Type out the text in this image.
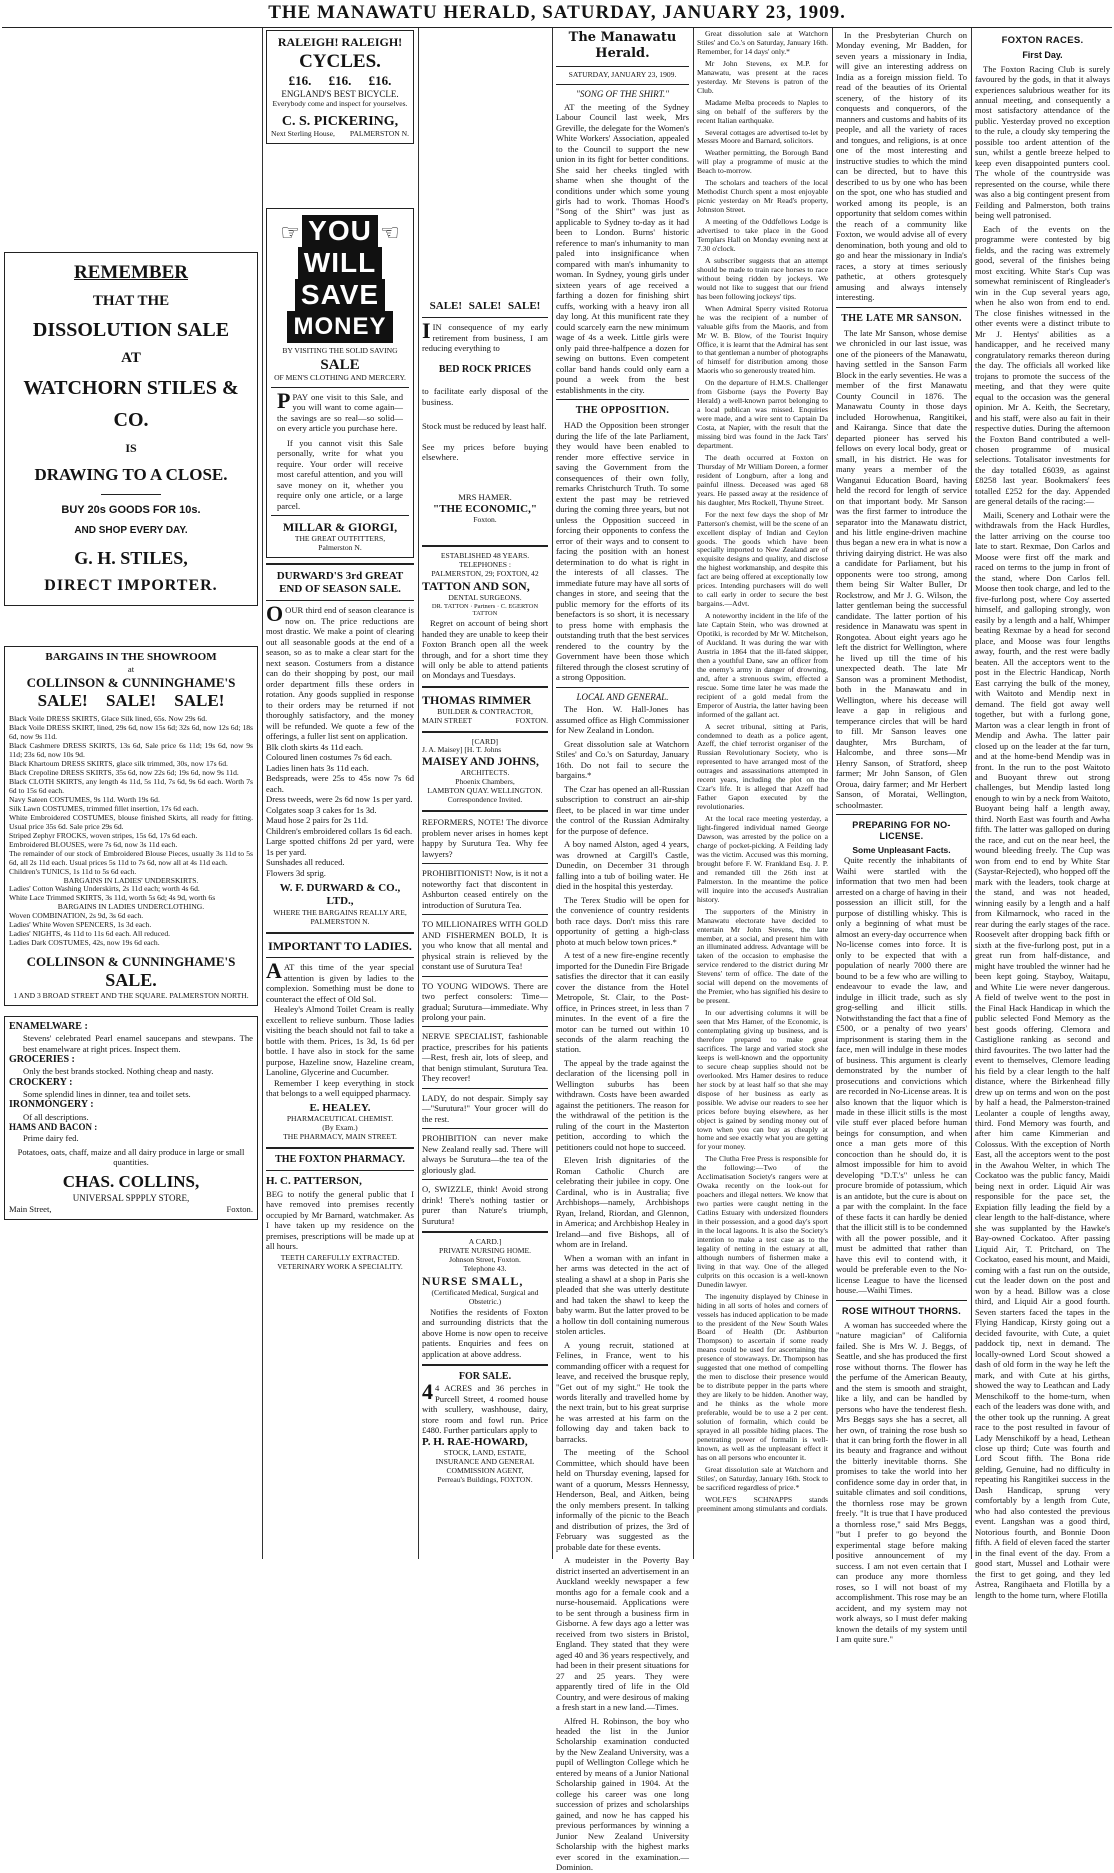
THE MANAWATU HERALD, SATURDAY, JANUARY 23, 1909.
REMEMBER
THAT THE
DISSOLUTION SALE
AT
WATCHORN STILES &
CO.
IS
DRAWING TO A CLOSE.
BUY 20s GOODS FOR 10s.
AND SHOP EVERY DAY.
G. H. STILES,
DIRECT IMPORTER.
BARGAINS IN THE SHOWROOM
at
COLLINSON & CUNNINGHAME'S
SALE! SALE! SALE!
Black Voile DRESS SKIRTS, Glace Silk lined, 65s. Now 29s 6d.
Black Voile DRESS SKIRT, lined, 29s 6d, now 15s 6d; 32s 6d, now 12s 6d; 18s 6d, now 9s 11d.
Black Cashmere DRESS SKIRTS, 13s 6d, Sale price 6s 11d; 19s 6d, now 9s 11d; 23s 6d, now 10s 9d.
Black Khartoum DRESS SKIRTS, glace silk trimmed, 30s, now 17s 6d.
Black Crepoline DRESS SKIRTS, 35s 6d, now 22s 6d; 19s 6d, now 9s 11d.
Black CLOTH SKIRTS, any length 4s 11d, 5s 11d, 7s 6d, 9s 6d each. Worth 7s 6d to 15s 6d each.
Navy Sateen COSTUMES, 9s 11d. Worth 19s 6d.
Silk Lawn COSTUMES, trimmed fillet insertion, 17s 6d each.
White Embroidered COSTUMES, blouse finished Skirts, all ready for fitting. Usual price 35s 6d. Sale price 29s 6d.
Striped Zephyr FROCKS, woven stripes, 15s 6d, 17s 6d each.
Embroidered BLOUSES, were 7s 6d, now 3s 11d each.
The remainder of our stock of Embroidered Blouse Pieces, usually 3s 11d to 5s 6d, all 2s 11d each. Usual prices 5s 11d to 7s 6d, now all at 4s 11d each.
Children's TUNICS, 1s 11d to 5s 6d each.
BARGAINS IN LADIES' UNDERSKIRTS.
Ladies' Cotton Washing Underskirts, 2s 11d each; worth 4s 6d.
White Lace Trimmed SKIRTS, 3s 11d, worth 5s 6d; 4s 9d, worth 6s
BARGAINS IN LADIES UNDERCLOTHING.
Woven COMBINATION, 2s 9d, 3s 6d each.
Ladies' White Woven SPENCERS, 1s 3d each.
Ladies' NIGHTS, 4s 11d to 11s 6d each. All reduced.
Ladies Dark COSTUMES, 42s, now 19s 6d each.
COLLINSON & CUNNINGHAME'S
SALE.
1 AND 3 BROAD STREET AND THE SQUARE. PALMERSTON NORTH.
ENAMELWARE :
Stevens' celebrated Pearl enamel saucepans and stewpans. The best enamelware at right prices. Inspect them.
GROCERIES :
Only the best brands stocked. Nothing cheap and nasty.
CROCKERY :
Some splendid lines in dinner, tea and toilet sets.
IRONMONGERY :
Of all descriptions.
HAMS AND BACON :
Prime dairy fed.
Potatoes, oats, chaff, maize and all dairy produce in large or small quantities.
CHAS. COLLINS,
UNIVERSAL SPPPLY STORE,
Main Street,	Foxton.
RALEIGH! RALEIGH!
CYCLES.
£16. £16. £16.
ENGLAND'S BEST BICYCLE.
Everybody come and inspect for yourselves.
C. S. PICKERING,
Next Sterling House, PALMERSTON N.
☞ YOU ☜
WILL
SAVE
MONEY
BY VISITING THE SOLID SAVING
SALE
OF MEN'S CLOTHING AND MERCERY.
PPAY one visit to this Sale, and you will want to come again—the savings are so real—so solid—on every article you purchase here.
If you cannot visit this Sale personally, write for what you require. Your order will receive most careful attention, and you will save money on it, whether you require only one article, or a large parcel.
MILLAR & GIORGI,
THE GREAT OUTFITTERS,
Palmerston N.
DURWARD'S 3rd GREAT END OF SEASON SALE.
OOUR third end of season clearance is now on. The price reductions are most drastic. We make a point of clearing out all seasonable goods at the end of a season, so as to make a clear start for the next season. Costumers from a distance can do their shopping by post, our mail order department fills these orders in rotation. Any goods supplied in response to their orders may be returned if not thoroughly satisfactory, and the money will be refunded. We quote a few of the offerings, a fuller list sent on application.
Blk cloth skirts 4s 11d each.
Coloured linen costumes 7s 6d each.
Ladies linen hats 3s 11d each.
Bedspreads, were 25s to 45s now 7s 6d each.
Dress tweeds, were 2s 6d now 1s per yard.
Colgates soap 3 cakes for 1s 3d.
Maud hose 2 pairs for 2s 11d.
Children's embroidered collars 1s 6d each.
Large spotted chiffons 2d per yard, were 1s per yard.
Sunshades all reduced.
Flowers 3d sprig.
W. F. DURWARD & CO., LTD.,
WHERE THE BARGAINS REALLY ARE,
PALMERSTON N.
IMPORTANT TO LADIES.
AAT this time of the year special attention is given by ladies to the complexion. Something must be done to counteract the effect of Old Sol.
Healey's Almond Toilet Cream is really excellent to relieve sunburn. Those ladies visiting the beach should not fail to take a bottle with them. Prices, 1s 3d, 1s 6d per bottle. I have also in stock for the same purpose, Hazeline snow, Hazeline cream, Lanoline, Glycerine and Cucumber.
Remember I keep everything in stock that belongs to a well equipped pharmacy.
E. HEALEY.
PHARMACEUTICAL CHEMIST.
(By Exam.)
THE PHARMACY, MAIN STREET.
THE FOXTON PHARMACY.
H. C. PATTERSON,
BEG to notify the general public that I have removed into premises recently occupied by Mr Barnard, watchmaker. As I have taken up my residence on the premises, prescriptions will be made up at all hours.
TEETH CAREFULLY EXTRACTED.
VETERINARY WORK A SPECIALITY.
SALE! SALE! SALE!
IIN consequence of my early retirement from business, I am reducing everything to
BED ROCK PRICES
to facilitate early disposal of the business.
Stock must be reduced by least half.
See my prices before buying elsewhere.
MRS HAMER.
"THE ECONOMIC,"
Foxton.
ESTABLISHED 48 YEARS.
TELEPHONES :
PALMERSTON, 29; FOXTON, 42
TATTON AND SON,
DENTAL SURGEONS.
DR. TATTON · Partners · C. EGERTON TATTON
Regret on account of being short handed they are unable to keep their Foxton Branch open all the week through, and for a short time they will only be able to attend patients on Mondays and Tuesdays.
THOMAS RIMMER
BUILDER & CONTRACTOR,
MAIN STREET	FOXTON.
[CARD]
J. A. Maisey] [H. T. Johns
MAISEY AND JOHNS,
ARCHITECTS.
Phoenix Chambers,
LAMBTON QUAY. WELLINGTON.
Correspondence Invited.
REFORMERS, NOTE! The divorce problem never arises in homes kept happy by Surutura Tea. Why fee lawyers?
PROHIBITIONIST! Now, is it not a noteworthy fact that discontent in Ashburton ceased entirely on the introduction of Surutura Tea.
TO MILLIONAIRES WITH GOLD AND FISHERMEN BOLD, It is you who know that all mental and physical strain is relieved by the constant use of Surutura Tea!
TO YOUNG WIDOWS. There are two perfect consolers: Time—gradual; Surutura—immediate. Why prolong your pain.
NERVE SPECIALIST, fashionable practice, prescribes for his patients—Rest, fresh air, lots of sleep, and that benign stimulant, Surutura Tea. They recover!
LADY, do not despair. Simply say—"Surutura!" Your grocer will do the rest.
PROHIBITION can never make New Zealand really sad. There will always be Surutura—the tea of the gloriously glad.
O, SWIZZLE, think! Avoid strong drink! There's nothing tastier or purer than Nature's triumph, Surutura!
A CARD.]
PRIVATE NURSING HOME.
Johnson Street, Foxton.
Telephone 43.
NURSE SMALL,
(Certificated Medical, Surgical and Obstetric.)
Notifies the residents of Foxton and surrounding districts that the above Home is now open to receive patients. Enquiries and fees on application at above address.
FOR SALE.
4 4 ACRES and 36 perches in Purcell Street, 4 roomed house with scullery, washhouse, dairy, store room and fowl run. Price £480. Further particulars apply to
P. H. RAE-HOWARD,
STOCK, LAND, ESTATE, INSURANCE AND GENERAL COMMISSION AGENT,
Perreau's Buildings, FOXTON.
The Manawatu Herald.
SATURDAY, JANUARY 23, 1909.
"SONG OF THE SHIRT."

AT the meeting of the Sydney Labour Council last week, Mrs Greville, the delegate for the Women's White Workers' Association, appealed to the Council to support the new union in its fight for better conditions. She said her cheeks tingled with shame when she thought of the conditions under which some young girls had to work. Thomas Hood's "Song of the Shirt" was just as applicable to Sydney to-day as it had been to London. Burns' historic reference to man's inhumanity to man paled into insignificance when compared with man's inhumanity to woman. In Sydney, young girls under sixteen years of age received a farthing a dozen for finishing shirt cuffs, working with a heavy iron all day long. At this munificent rate they could scarcely earn the new minimum wage of 4s a week. Little girls were only paid three-halfpence a dozen for sewing on buttons. Even competent collar band hands could only earn a pound a week from the best establishments in the city.

THE OPPOSITION.

HAD the Opposition been stronger during the life of the late Parliament, they would have been enabled to render more effective service in saving the Government from the consequences of their own folly, remarks Christchurch Truth. To some extent the past may be retrieved during the coming three years, but not unless the Opposition succeed in forcing their opponents to confess the error of their ways and to consent to facing the position with an honest determination to do what is right in the interests of all classes. The immediate future may have all sorts of changes in store, and seeing that the public memory for the efforts of its benefactors is so short, it is necessary to press home with emphasis the outstanding truth that the best services rendered to the country by the Government have been those which filtered through the closest scrutiny of a strong Opposition.

LOCAL AND GENERAL.

The Hon. W. Hall-Jones has assumed office as High Commissioner for New Zealand in London.

Great dissolution sale at Watchorn Stiles' and Co.'s on Saturday, January 16th. Do not fail to secure the bargains.*

The Czar has opened an all-Russian subscription to construct an air-ship fleet, to be placed in war time under the control of the Russian Admiralty for the purpose of defence.

A boy named Alston, aged 4 years, was drowned at Cargill's Castle, Dunedin, on December 31 through falling into a tub of boiling water. He died in the hospital this yesterday.

The Terex Studio will be open for the convenience of country residents both race days. Don't miss this rare opportunity of getting a high-class photo at much below town prices.*

A test of a new fire-engine recently imported for the Dunedin Fire Brigade satisfies the director that it can easily cover the distance from the Hotel Metropole, St. Clair, to the Post-office, in Princes street, in less than 7 minutes. In the event of a fire the motor can be turned out within 10 seconds of the alarm reaching the station.

The appeal by the trade against the declaration of the licensing poll in Wellington suburbs has been withdrawn. Costs have been awarded against the petitioners. The reason for the withdrawal of the petition is the ruling of the court in the Masterton petition, according to which the petitioners could not hope to succeed.

Eleven Irish dignitaries of the Roman Catholic Church are celebrating their jubilee in copy. One Cardinal, who is in Australia; five Archbishops—namely, Archbishops Ryan, Ireland, Riordan, and Glennon, in America; and Archbishop Healey in Ireland—and five Bishops, all of whom are in Ireland.

When a woman with an infant in her arms was detected in the act of stealing a shawl at a shop in Paris she pleaded that she was utterly destitute and had taken the shawl to keep the baby warm. But the latter proved to be a hollow tin doll containing numerous stolen articles.

A young recruit, stationed at Felines, in France, went to his commanding officer with a request for leave, and received the brusque reply, "Get out of my sight." He took the words literally and travelled home by the next train, but to his great surprise he was arrested at his farm on the following day and taken back to barracks.

The meeting of the School Committee, which should have been held on Thursday evening, lapsed for want of a quorum, Messrs Hennessy, Henderson, Beal, and Aitken, being the only members present. In talking informally of the picnic to the Beach and distribution of prizes, the 3rd of February was suggested as the probable date for these events.

A mudeister in the Poverty Bay district inserted an advertisement in an Auckland weekly newspaper a few months ago for a female cook and a nurse-housemaid. Applications were to be sent through a business firm in Gisborne. A few days ago a letter was received from two sisters in Bristol, England. They stated that they were aged 40 and 36 years respectively, and had been in their present situations for 27 and 25 years. They were apparently tired of life in the Old Country, and were desirous of making a fresh start in a new land.—Times.

Alfred H. Robinson, the boy who headed the list in the Junior Scholarship examination conducted by the New Zealand University, was a pupil of Wellington College which he entered by means of a Junior National Scholarship gained in 1904. At the college his career was one long succession of prizes and scholarships gained, and now he has capped his previous performances by winning a Junior New Zealand University Scholarship with the highest marks ever scored in the examination.—Dominion.

Great dissolution sale at Watchorn Stiles' and Co.'s on Saturday, January 16th. Remember, for 14 days' only.*

Mr John Stevens, ex M.P. for Manawatu, was present at the races yesterday. Mr Stevens is patron of the Club.

Madame Melba proceeds to Naples to sing on behalf of the sufferers by the recent Italian earthquake.

Several cottages are advertised to-let by Messrs Moore and Barnard, solicitors.

Weather permitting, the Borough Band will play a programme of music at the Beach to-morrow.

The scholars and teachers of the local Methodist Church spent a most enjoyable picnic yesterday on Mr Read's property, Johnston Street.

A meeting of the Oddfellows Lodge is advertised to take place in the Good Templars Hall on Monday evening next at 7.30 o'clock.

A subscriber suggests that an attempt should be made to train race horses to race without being ridden by jockeys. We would not like to suggest that our friend has been following jockeys' tips.

When Admiral Sperry visited Rotorua he was the recipient of a number of valuable gifts from the Maoris, and from Mr W. B. Blow, of the Tourist Inquiry Office, it is learnt that the Admiral has sent to that gentleman a number of photographs of himself for distribution among those Maoris who so generously treated him.

On the departure of H.M.S. Challenger from Gisborne (says the Poverty Bay Herald) a well-known parrot belonging to a local publican was missed. Enquiries were made, and a wire sent to Captain Da Costa, at Napier, with the result that the missing bird was found in the Jack Tars' department.

The death occurred at Foxton on Thursday of Mr William Doreen, a former resident of Longburn, after a long and painful illness. Deceased was aged 68 years. He passed away at the residence of his daughter, Mrs Rockell, Thyune Street.

For the next few days the shop of Mr Patterson's chemist, will be the scene of an excellent display of Indian and Ceylon goods. The goods which have been specially imported to New Zealand are of exquisite designs and quality, and disclose the highest workmanship, and despite this fact are being offered at exceptionally low prices. Intending purchasers will do well to call early in order to secure the best bargains.—Advt.

A noteworthy incident in the life of the late Captain Stein, who was drowned at Opotiki, is recorded by Mr W. Mitchelson, of Auckland. It was during the war with Austria in 1864 that the ill-fated skipper, then a youthful Dane, saw an officer from the enemy's army in danger of drowning, and, after a strenuous swim, effected a rescue. Some time later he was made the recipient of a gold medal from the Emperor of Austria, the latter having been informed of the gallant act.

A secret tribunal, sitting at Paris, condemned to death as a police agent, Azeff, the chief terrorist organiser of the Russian Revolutionary Society, who is represented to have arranged most of the outrages and assassinations attempted in recent years, including the plot on the Czar's life. It is alleged that Azeff had Father Gapon executed by the revolutionaries.

At the local race meeting yesterday, a light-fingered individual named George Dawson, was arrested by the police on a charge of pocket-picking. A Feilding lady was the victim. Accused was this morning, brought before F. W. Frankland Esq. J. P. and remanded till the 26th inst at Palmerston. In the meantime the police will inquire into the accused's Australian history.

The supporters of the Ministry in Manawatu electorate have decided to entertain Mr John Stevens, the late member, at a social, and present him with an illuminated address. Advantage will be taken of the occasion to emphasise the service rendered to the district during Mr Stevens' term of office. The date of the social will depend on the movements of the Premier, who has signified his desire to be present.

In our advertising columns it will be seen that Mrs Hamer, of the Economic, is contemplating giving up business, and is therefore prepared to make great sacrifices. The large and varied stock she keeps is well-known and the opportunity to secure cheap supplies should not be overlooked. Mrs Hamer desires to reduce her stock by at least half so that she may dispose of her business as early as possible. We advise our readers to see her prices before buying elsewhere, as her object is gained by sending money out of town when you can buy as cheaply at home and see exactly what you are getting for your money.

The Clutha Free Press is responsible for the following:—Two of the Acclimatisation Society's rangers were at Owaka recently on the look-out for poachers and illegal netters. We know that two parties were caught netting in the Catlins Estuary with undersized flounders in their possession, and a good day's sport in the local lagoons. It is also the Society's intention to make a test case as to the legality of netting in the estuary at all, although numbers of fishermen make a living in that way. One of the alleged culprits on this occasion is a well-known Dunedin lawyer.

The ingenuity displayed by Chinese in hiding in all sorts of holes and corners of vessels has induced application to be made to the president of the New South Wales Board of Health (Dr. Ashburton Thompson) to ascertain if some ready means could be used for ascertaining the presence of stowaways. Dr. Thompson has suggested that one method of compelling the men to disclose their presence would be to distribute pepper in the parts where they are likely to be hidden. Another way, and he thinks as the whole more preferable, would be to use a 2 per cent. solution of formalin, which could be sprayed in all possible hiding places. The penetrating power of formalin is well-known, as well as the unpleasant effect it has on all persons who encounter it.

Great dissolution sale at Watchorn and Stiles', on Saturday, January 16th. Stock to be sacrificed regardless of price.*

WOLFE'S SCHNAPPS stands preeminent among stimulants and cordials.

In the Presbyterian Church on Monday evening, Mr Badden, for seven years a missionary in India, will give an interesting address on India as a foreign mission field. To read of the beauties of its Oriental scenery, of the history of its conquests and conquerors, of the manners and customs and habits of its people, and all the variety of races and tongues, and religions, is at once one of the most interesting and instructive studies to which the mind can be directed, but to have this described to us by one who has been on the spot, one who has studied and worked among its people, is an opportunity that seldom comes within the reach of a community like Foxton, we would advise all of every denomination, both young and old to go and hear the missionary in India's races, a story at times seriously pathetic, at others grotesquely amusing and always intensely interesting.

THE LATE MR SANSON.

The late Mr Sanson, whose demise we chronicled in our last issue, was one of the pioneers of the Manawatu, having settled in the Sanson Farm Block in the early seventies. He was a member of the first Manawatu County Council in 1876. The Manawatu County in those days included Horowhenua, Rangitikei, and Kairanga. Since that date the departed pioneer has served his fellows on every local body, great or small, in his district. He was for many years a member of the Wanganui Education Board, having held the record for length of service on that important body. Mr Sanson was the first farmer to introduce the separator into the Manawatu district, and his little engine-driven machine thus began a new era in what is now a thriving dairying district. He was also a candidate for Parliament, but his opponents were too strong, among them being Sir Walter Buller, Dr Rockstrow, and Mr J. G. Wilson, the latter gentleman being the successful candidate. The latter portion of his residence in Manawatu was spent in Rongotea. About eight years ago he left the district for Wellington, where he lived up till the time of his unexpected death. The late Mr Sanson was a prominent Methodist, both in the Manawatu and in Wellington, where his decease will leave a gap in religious and temperance circles that will be hard to fill. Mr Sanson leaves one daughter, Mrs Burcham, of Halcombe, and three sons—Mr Henry Sanson, of Stratford, sheep farmer; Mr John Sanson, of Glen Oroua, dairy farmer; and Mr Herbert Sanson, of Moratai, Wellington, schoolmaster.

PREPARING FOR NO-LICENSE.
Some Unpleasant Facts.

Quite recently the inhabitants of Waihi were startled with the information that two men had been arrested on a charge of having in their possession an illicit still, for the purpose of distilling whisky. This is only a beginning of what must be almost an every-day occurrence when No-license comes into force. It is only to be expected that with a population of nearly 7000 there are bound to be a few who are willing to endeavour to evade the law, and indulge in illicit trade, such as sly grog-selling and illicit stills. Notwithstanding the fact that a fine of £500, or a penalty of two years' imprisonment is staring them in the face, men will indulge in these modes of business. This argument is clearly demonstrated by the number of prosecutions and convictions which are recorded in No-License areas. It is also known that the liquor which is made in these illicit stills is the most vile stuff ever placed before human beings for consumption, and when once a man gets more of this concoction than he should do, it is almost impossible for him to avoid developing "D.T.'s" unless he can procure bromide of potassium, which is an antidote, but the cure is about on a par with the complaint. In the face of these facts it can hardly be denied that the illicit still is to be condemned with all the power possible, and it must be admitted that rather than have this evil to contend with, it would be preferable even to the No-license League to have the licensed house.—Waihi Times.

ROSE WITHOUT THORNS.

A woman has succeeded where the "nature magician" of California failed. She is Mrs W. J. Beggs, of Seattle, and she has produced the first rose without thorns. The flower has the perfume of the American Beauty, and the stem is smooth and straight, like a lily, and can be handled by persons who have the tenderest flesh. Mrs Beggs says she has a secret, all her own, of training the rose bush so that it can bring forth the flower in all its beauty and fragrance and without the bitterly inevitable thorns. She promises to take the world into her confidence some day in order that, in suitable climates and soil conditions, the thornless rose may be grown freely. "It is true that I have produced a thornless rose," said Mrs Beggs, "but I prefer to go beyond the experimental stage before making positive announcement of my success. I am not even certain that I can produce any more thornless roses, so I will not boast of my accomplishment. This rose may be an accident, and my system may not work always, so I must defer making known the details of my system until I am quite sure."

FOXTON RACES.
First Day.

The Foxton Racing Club is surely favoured by the gods, in that it always experiences salubrious weather for its annual meeting, and consequently a most satisfactory attendance of the public. Yesterday proved no exception to the rule, a cloudy sky tempering the possible too ardent attention of the sun, whilst a gentle breeze helped to keep even disappointed punters cool. The whole of the countryside was represented on the course, while there was also a big contingent present from Feilding and Palmerston, both trains being well patronised.

Each of the events on the programme were contested by big fields, and the racing was extremely good, several of the finishes being most exciting. White Star's Cup was somewhat reminiscent of Ringleader's win in the Cup several years ago, when he also won from end to end. The close finishes witnessed in the other events were a distinct tribute to Mr J. Hentys' abilities as a handicapper, and he received many congratulatory remarks thereon during the day. The officials all worked like trojans to promote the success of the meeting, and that they were quite equal to the occasion was the general opinion. Mr A. Keith, the Secretary, and his staff, were also au fait in their respective duties. During the afternoon the Foxton Band contributed a well-chosen programme of musical selections. Totalisator investments for the day totalled £6039, as against £8258 last year. Bookmakers' fees totalled £252 for the day. Appended are general details of the racing:—

Maili, Scenery and Lothair were the withdrawals from the Hack Hurdles, the latter arriving on the course too late to start. Rexmae, Don Carlos and Moose were first off the mark and raced on terms to the jump in front of the stand, where Don Carlos fell. Moose then took charge, and led to the five-furlong post, where Coy asserted himself, and galloping strongly, won easily by a length and a half, Whimper beating Rexmae by a head for second place, and Moose was four lengths away, fourth, and the rest were badly beaten. All the acceptors went to the post in the Electric Handicap, North East carrying the bulk of the money, with Waitoto and Mendip next in demand. The field got away well together, but with a furlong gone, Marton was a clear length in front of Mendip and Awha. The latter pair closed up on the leader at the far turn, and at the home-bend Mendip was in front. In the run to the post Waitoto and Buoyant threw out strong challenges, but Mendip lasted long enough to win by a neck from Waitoto, Buoyant being half a length away, third. North East was fourth and Awha fifth. The latter was galloped on during the race, and cut on the near heel, the wound bleeding freely. The Cup was won from end to end by White Star (Saystar-Rejected), who hopped off the mark with the leaders, took charge at the stand, and was not headed, winning easily by a length and a half from Kilmarnock, who raced in the rear during the early stages of the race. Roosevelt after dropping back fifth or sixth at the five-furlong post, put in a great run from half-distance, and might have troubled the winner had he been kept going. Stayboy, Waitapu, and White Lie were never dangerous. A field of twelve went to the post in the Final Hack Handicap in which the public selected Fond Memory as the best goods offering. Clemora and Castiglione ranking as second and third favourites. The two latter had the event to themselves, Clemore leading his field by a clear length to the half distance, where the Birkenhead filly drew up on terms and won on the post by half a head, the Palmerston-trained Leolanter a couple of lengths away, third. Fond Memory was fourth, and after him came Kimmerian and Colossus. With the exception of North East, all the acceptors went to the post in the Awahou Welter, in which The Cockatoo was the public fancy, Maidi being next in order. Liquid Air was responsible for the pace set, the Expiation filly leading the field by a clear length to the half-distance, where she was supplanted by the Hawke's Bay-owned Cockatoo. After passing Liquid Air, T. Pritchard, on The Cockatoo, eased his mount, and Maidi, coming with a fast run on the outside, cut the leader down on the post and won by a head. Billow was a close third, and Liquid Air a good fourth. Seven starters faced the tapes in the Flying Handicap, Kirsty going out a decided favourite, with Cute, a quiet paddock tip, next in demand. The locally-owned Lord Scout showed a dash of old form in the way he left the mark, and with Cute at his girths, showed the way to Leathcan and Lady Menschikoff to the home-turn, when each of the leaders was done with, and the other took up the running. A great race to the post resulted in favour of Lady Menschikoff by a head, Lethean close up third; Cute was fourth and Lord Scout fifth. The Bona ride gelding, Genuine, had no difficulty in repeating his Rangitikei success in the Dash Handicap, sprung very comfortably by a length from Cute, who had also contested the previous event. Langshan was a good third, Notorious fourth, and Bonnie Doon fifth. A field of eleven faced the starter in the final event of the day. From a good start, Mussel and Lothair were the first to get going, and they led Astrea, Rangihaeta and Flotilla by a length to the home turn, where Flotilla
